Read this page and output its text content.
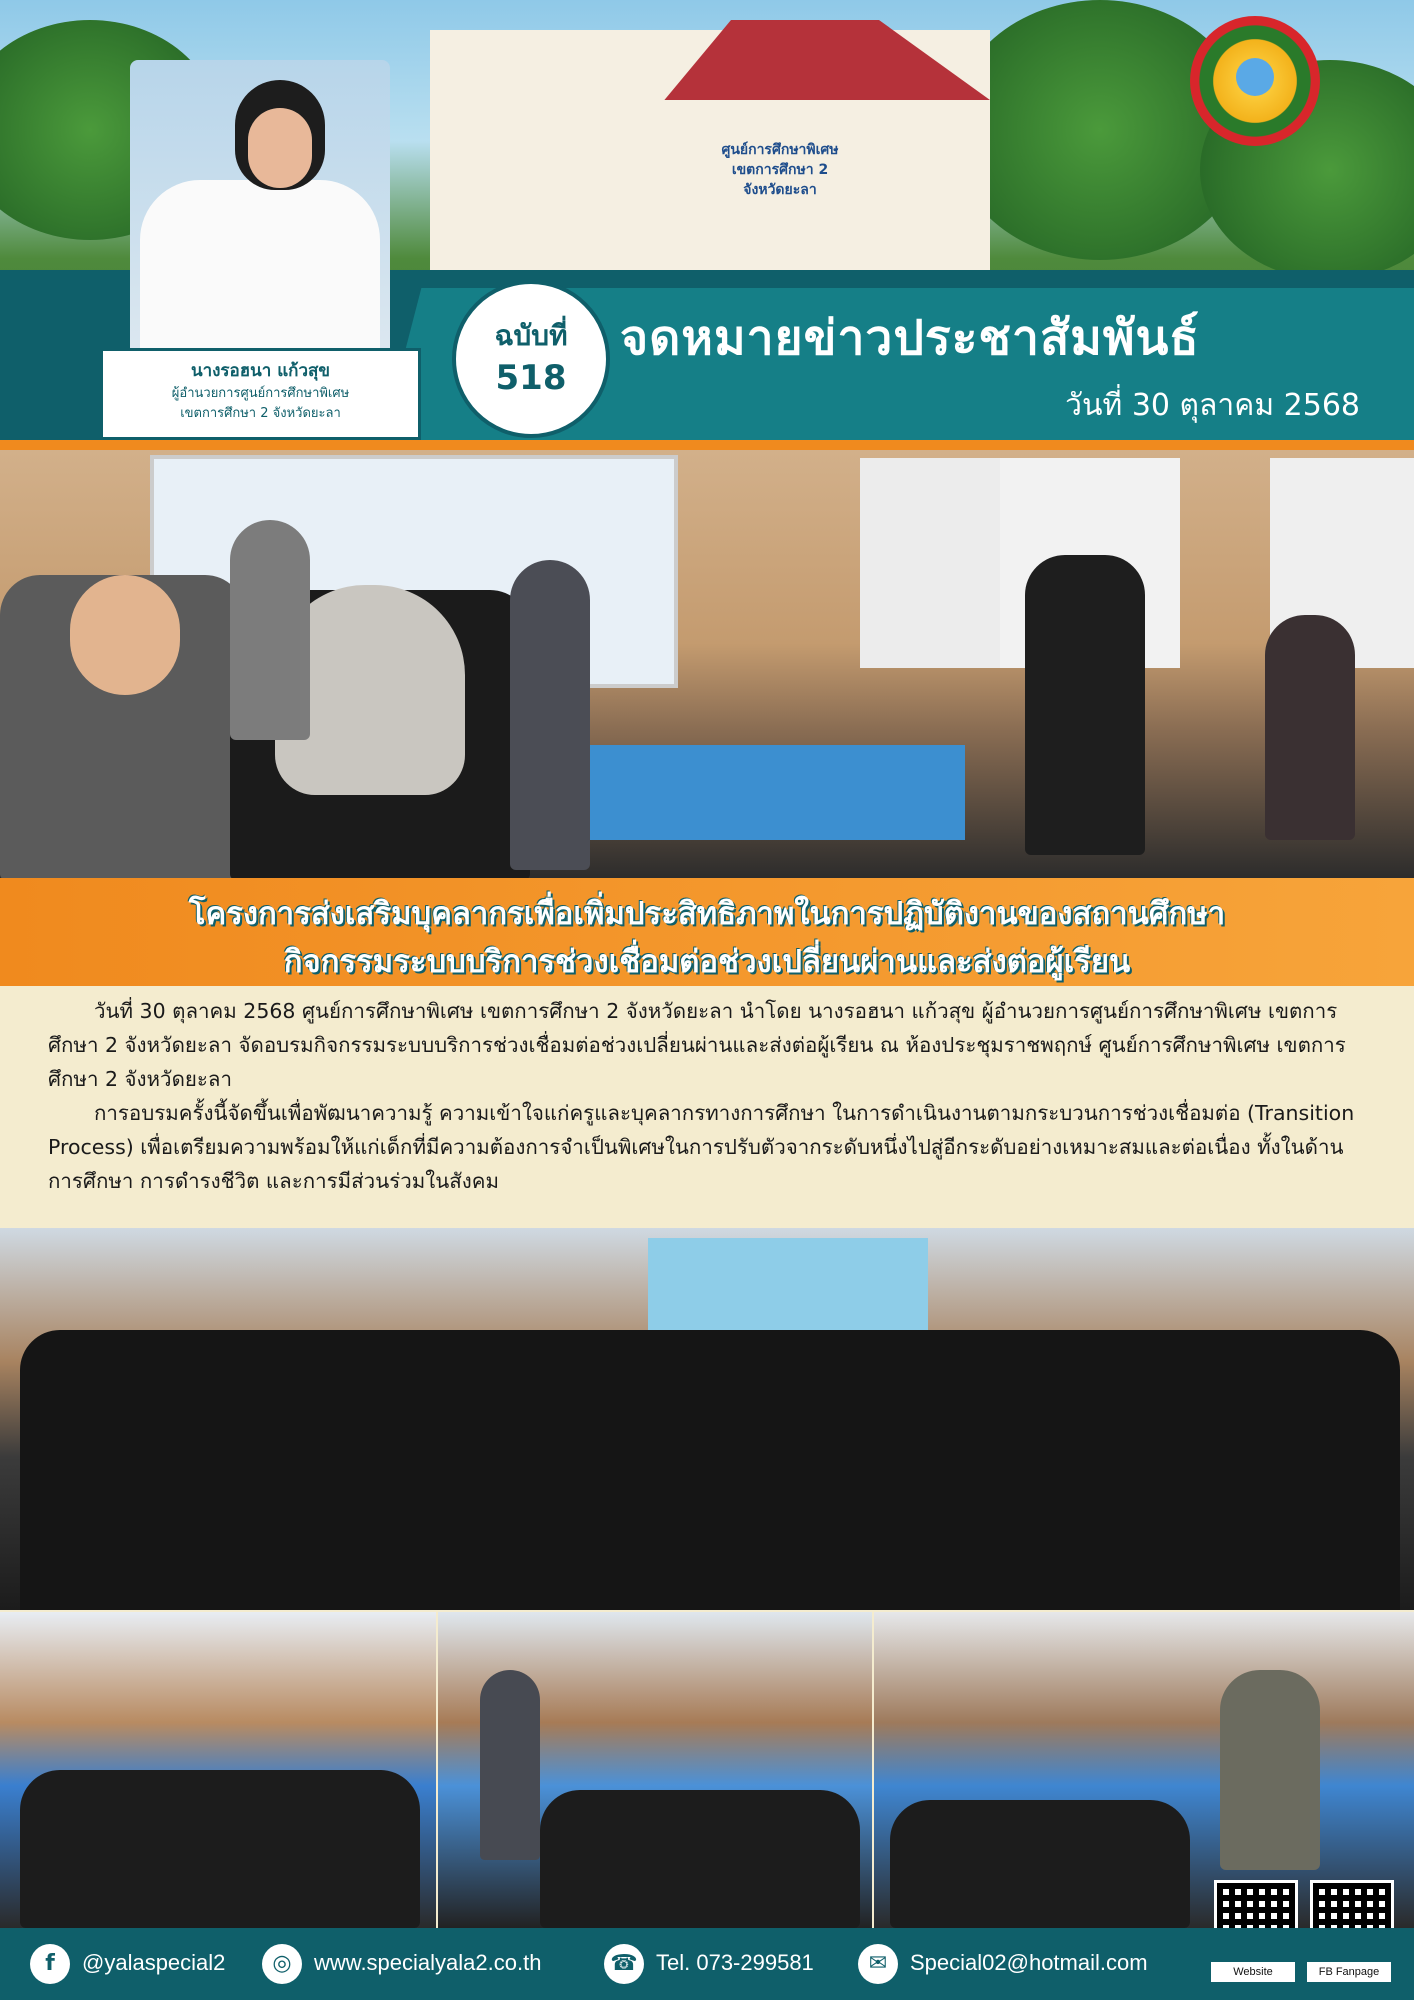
ศูนย์การศึกษาพิเศษ
เขตการศึกษา 2
จังหวัดยะลา
นางรอฮนา แก้วสุข
ผู้อำนวยการศูนย์การศึกษาพิเศษ
เขตการศึกษา 2 จังหวัดยะลา
ฉบับที่
518
จดหมายข่าวประชาสัมพันธ์
วันที่ 30 ตุลาคม 2568
โครงการส่งเสริมบุคลากรเพื่อเพิ่มประสิทธิภาพในการปฏิบัติงานของสถานศึกษา
กิจกรรมระบบบริการช่วงเชื่อมต่อช่วงเปลี่ยนผ่านและส่งต่อผู้เรียน

วันที่ 30 ตุลาคม 2568 ศูนย์การศึกษาพิเศษ เขตการศึกษา 2 จังหวัดยะลา นำโดย นางรอฮนา แก้วสุข ผู้อำนวยการศูนย์การศึกษาพิเศษ เขตการศึกษา 2 จังหวัดยะลา จัดอบรมกิจกรรมระบบบริการช่วงเชื่อมต่อช่วงเปลี่ยนผ่านและส่งต่อผู้เรียน ณ ห้องประชุมราชพฤกษ์ ศูนย์การศึกษาพิเศษ เขตการศึกษา 2 จังหวัดยะลา

การอบรมครั้งนี้จัดขึ้นเพื่อพัฒนาความรู้ ความเข้าใจแก่ครูและบุคลากรทางการศึกษา ในการดำเนินงานตามกระบวนการช่วงเชื่อมต่อ (Transition Process) เพื่อเตรียมความพร้อมให้แก่เด็กที่มีความต้องการจำเป็นพิเศษในการปรับตัวจากระดับหนึ่งไปสู่อีกระดับอย่างเหมาะสมและต่อเนื่อง ทั้งในด้านการศึกษา การดำรงชีวิต และการมีส่วนร่วมในสังคม

Website	FB Fanpage
f	@yalaspecial2	◎	www.specialyala2.co.th	☎ Tel. 073-299581	✉	Special02@hotmail.com
